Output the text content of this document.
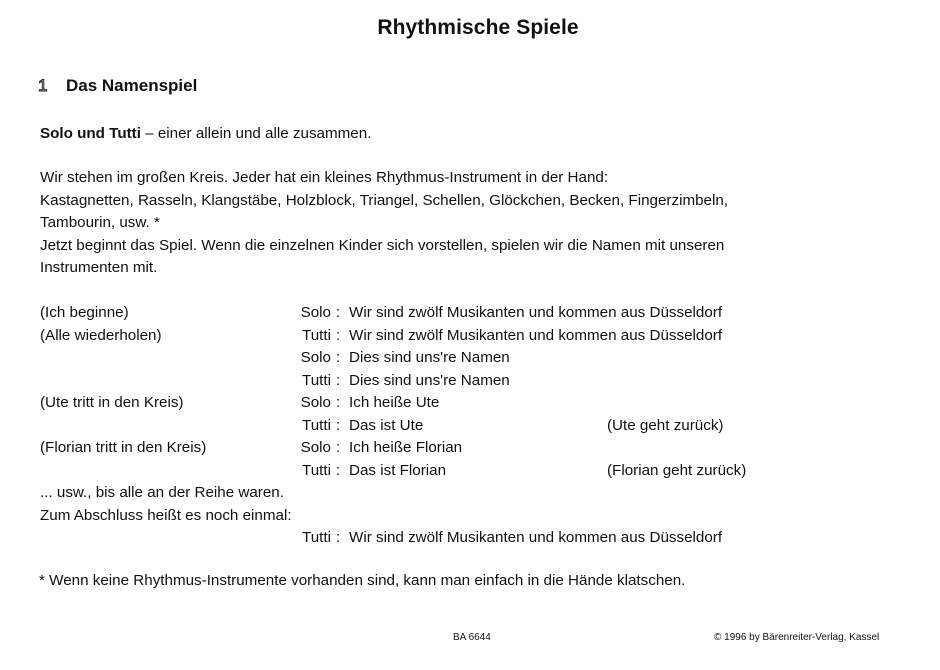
Rhythmische Spiele
1	Das Namenspiel
Solo und Tutti – einer allein und alle zusammen.
Wir stehen im großen Kreis. Jeder hat ein kleines Rhythmus-Instrument in der Hand:
Kastagnetten, Rasseln, Klangstäbe, Holzblock, Triangel, Schellen, Glöckchen, Becken, Fingerzimbeln,
Tambourin, usw. *
Jetzt beginnt das Spiel. Wenn die einzelnen Kinder sich vorstellen, spielen wir die Namen mit unseren
Instrumenten mit.
(Ich beginne)	Solo : Wir sind zwölf Musikanten und kommen aus Düsseldorf
(Alle wiederholen)	Tutti : Wir sind zwölf Musikanten und kommen aus Düsseldorf
Solo : Dies sind uns're Namen
Tutti : Dies sind uns're Namen
(Ute tritt in den Kreis)	Solo : Ich heiße Ute
Tutti : Das ist Ute	(Ute geht zurück)
(Florian tritt in den Kreis)	Solo : Ich heiße Florian
Tutti : Das ist Florian	(Florian geht zurück)
... usw., bis alle an der Reihe waren.
Zum Abschluss heißt es noch einmal:
Tutti : Wir sind zwölf Musikanten und kommen aus Düsseldorf
* Wenn keine Rhythmus-Instrumente vorhanden sind, kann man einfach in die Hände klatschen.
BA 6644	© 1996 by Bärenreiter-Verlag, Kassel
